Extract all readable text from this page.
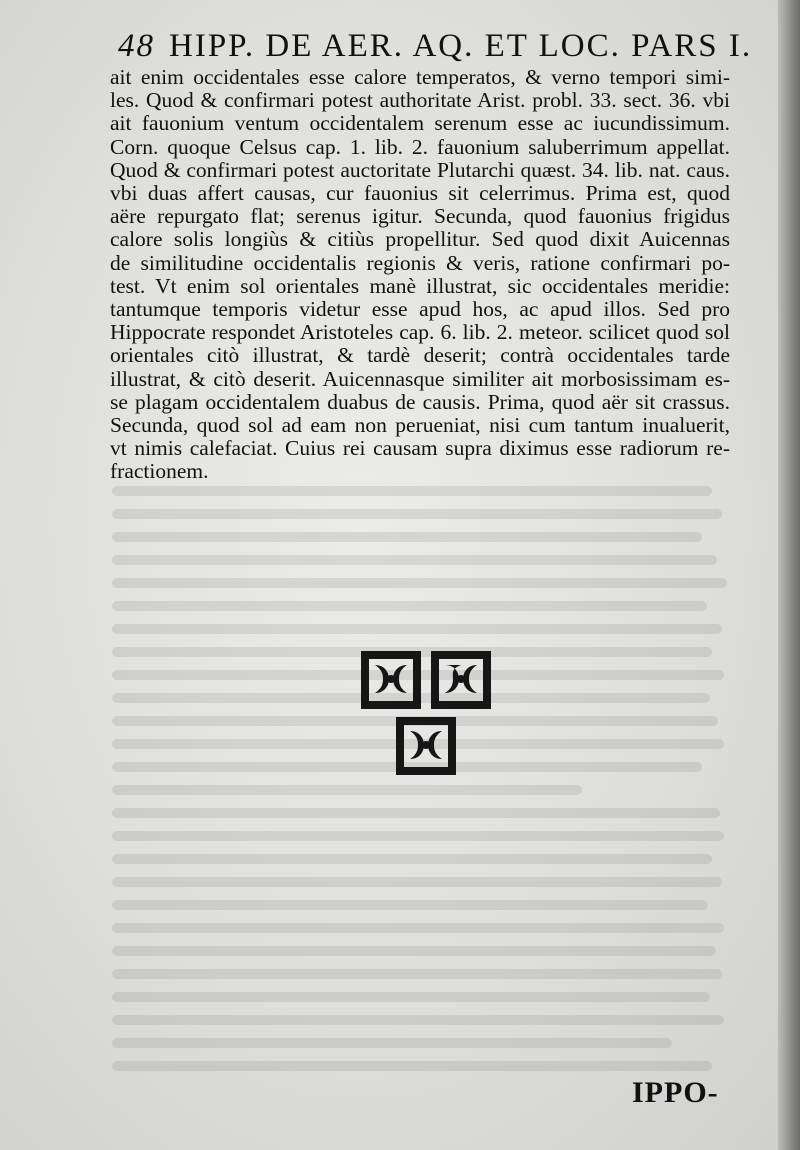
48 HIPP. DE AER. AQ. ET LOC. PARS I.
ait enim occidentales esse calore temperatos, & verno tempori simi-
les. Quod & confirmari potest authoritate Arist. probl. 33. sect. 36. vbi
ait fauonium ventum occidentalem serenum esse ac iucundissimum.
Corn. quoque Celsus cap. 1. lib. 2. fauonium saluberrimum appellat.
Quod & confirmari potest auctoritate Plutarchi quæst. 34. lib. nat. caus.
vbi duas affert causas, cur fauonius sit celerrimus. Prima est, quod
aëre repurgato flat; serenus igitur. Secunda, quod fauonius frigidus
calore solis longiùs & citiùs propellitur. Sed quod dixit Auicennas
de similitudine occidentalis regionis & veris, ratione confirmari po-
test. Vt enim sol orientales manè illustrat, sic occidentales meridie:
tantumque temporis videtur esse apud hos, ac apud illos. Sed pro
Hippocrate respondet Aristoteles cap. 6. lib. 2. meteor. scilicet quod sol
orientales citò illustrat, & tardè deserit; contrà occidentales tarde
illustrat, & citò deserit. Auicennasque similiter ait morbosissimam es-
se plagam occidentalem duabus de causis. Prima, quod aër sit crassus.
Secunda, quod sol ad eam non perueniat, nisi cum tantum inualuerit,
vt nimis calefaciat. Cuius rei causam supra diximus esse radiorum re-
fractionem.
IPPO-
